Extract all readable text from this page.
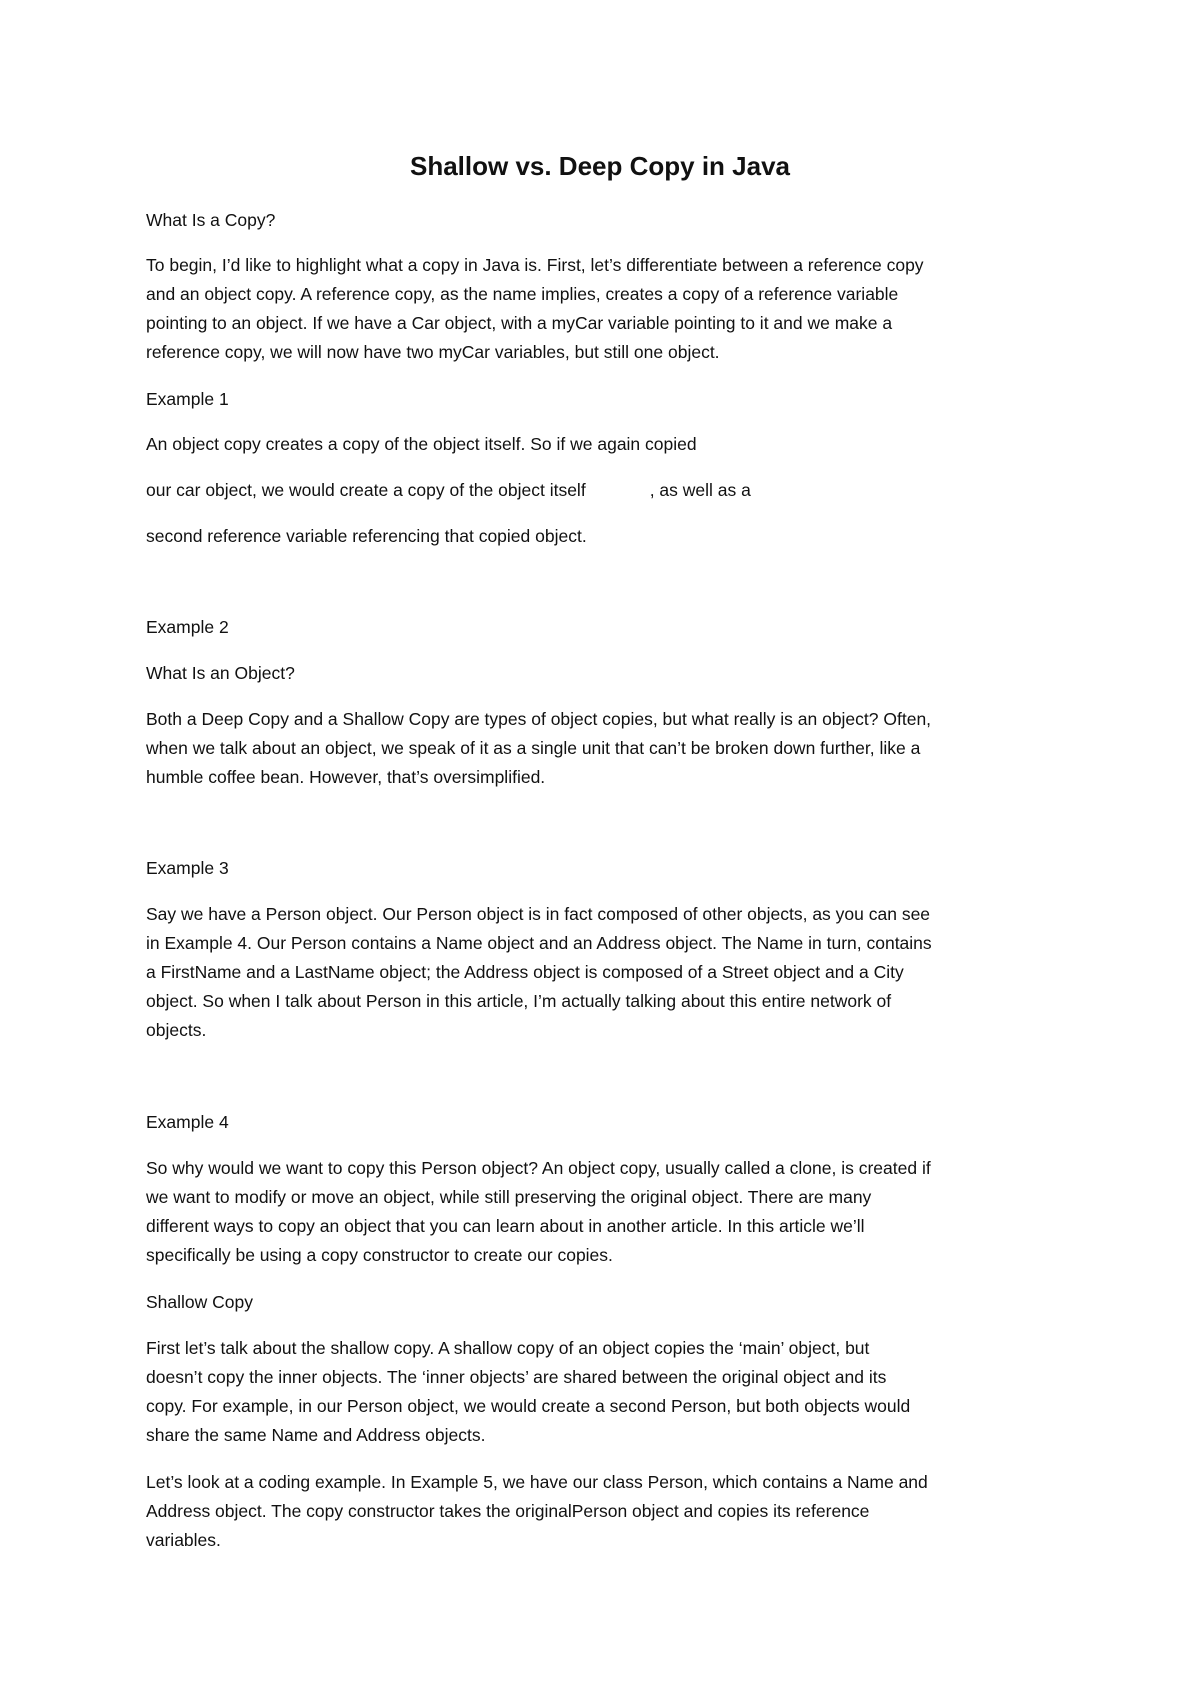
Shallow vs. Deep Copy in Java

What Is a Copy?

To begin, I’d like to highlight what a copy in Java is. First, let’s differentiate between a reference copy
and an object copy. A reference copy, as the name implies, creates a copy of a reference variable
pointing to an object. If we have a Car object, with a myCar variable pointing to it and we make a
reference copy, we will now have two myCar variables, but still one object.

Example 1

An object copy creates a copy of the object itself. So if we again copied

our car object, we would create a copy of the object itself	, as well as a

second reference variable referencing that copied object.

Example 2

What Is an Object?

Both a Deep Copy and a Shallow Copy are types of object copies, but what really is an object? Often,
when we talk about an object, we speak of it as a single unit that can’t be broken down further, like a
humble coffee bean. However, that’s oversimplified.

Example 3

Say we have a Person object. Our Person object is in fact composed of other objects, as you can see
in Example 4. Our Person contains a Name object and an Address object. The Name in turn, contains
a FirstName and a LastName object; the Address object is composed of a Street object and a City
object. So when I talk about Person in this article, I’m actually talking about this entire network of
objects.

Example 4

So why would we want to copy this Person object? An object copy, usually called a clone, is created if
we want to modify or move an object, while still preserving the original object. There are many
different ways to copy an object that you can learn about in another article. In this article we’ll
specifically be using a copy constructor to create our copies.

Shallow Copy

First let’s talk about the shallow copy. A shallow copy of an object copies the ‘main’ object, but
doesn’t copy the inner objects. The ‘inner objects’ are shared between the original object and its
copy. For example, in our Person object, we would create a second Person, but both objects would
share the same Name and Address objects.

Let’s look at a coding example. In Example 5, we have our class Person, which contains a Name and
Address object. The copy constructor takes the originalPerson object and copies its reference
variables.
